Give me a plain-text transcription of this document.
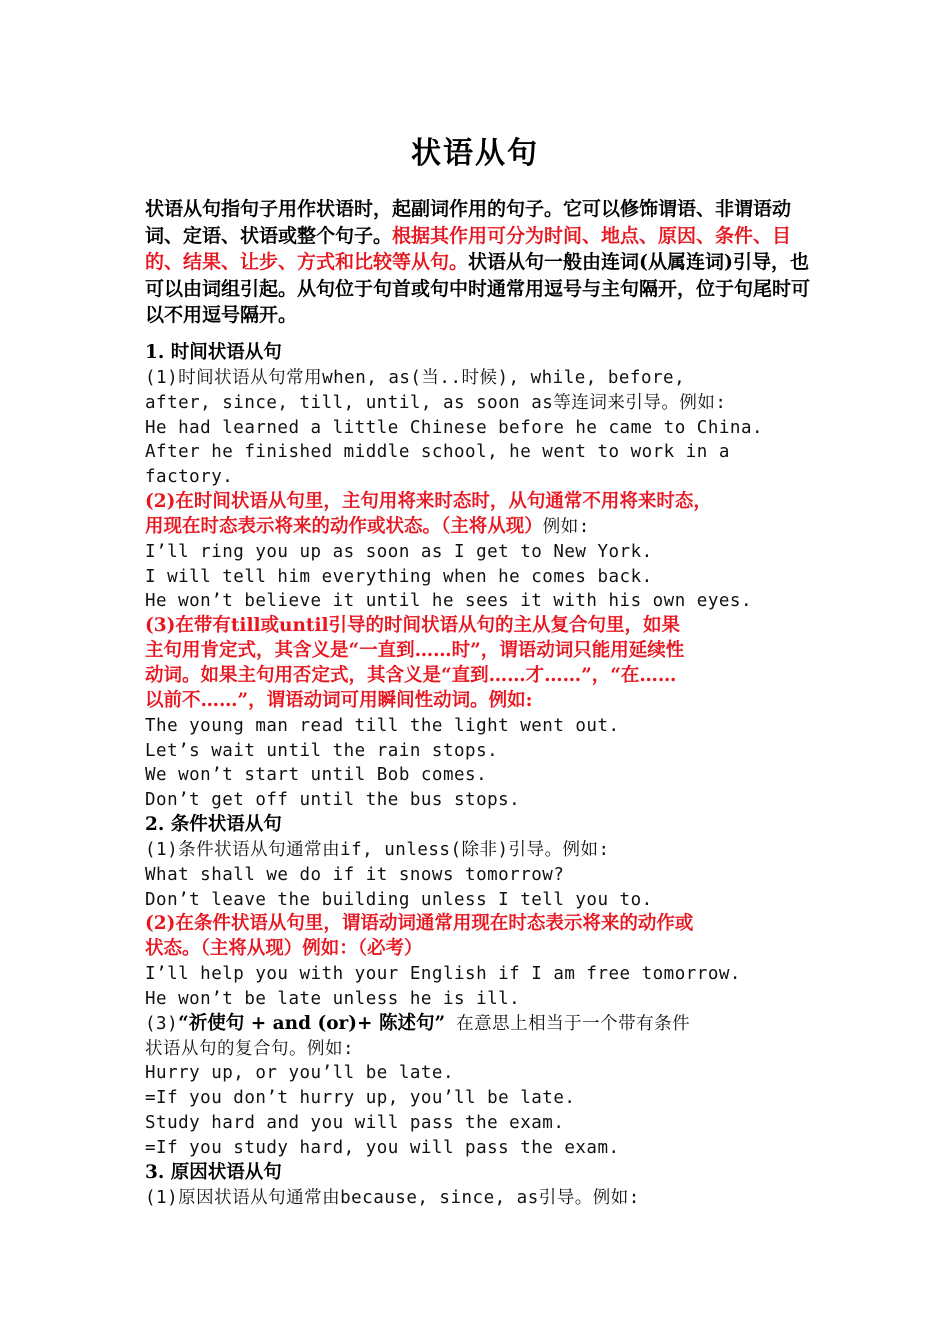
状语从句
状语从句指句子用作状语时，起副词作用的句子。它可以修饰谓语、非谓语动词、定语、状语或整个句子。根据其作用可分为时间、地点、原因、条件、目的、结果、让步、方式和比较等从句。状语从句一般由连词(从属连词)引导，也可以由词组引起。从句位于句首或句中时通常用逗号与主句隔开，位于句尾时可以不用逗号隔开。
1. 时间状语从句
(1)时间状语从句常用when, as(当..时候), while, before,
after, since, till, until, as soon as等连词来引导。例如:
He had learned a little Chinese before he came to China.
After he finished middle school, he went to work in a
factory.
(2)在时间状语从句里，主句用将来时态时，从句通常不用将来时态，
用现在时态表示将来的动作或状态。（主将从现）例如:
I’ll ring you up as soon as I get to New York.
I will tell him everything when he comes back.
He won’t believe it until he sees it with his own eyes.
(3)在带有till或until引导的时间状语从句的主从复合句里，如果
主句用肯定式，其含义是“一直到……时”，谓语动词只能用延续性
动词。如果主句用否定式，其含义是“直到……才……”，“在……
以前不……”，谓语动词可用瞬间性动词。例如:
The young man read till the light went out.
Let’s wait until the rain stops.
We won’t start until Bob comes.
Don’t get off until the bus stops.
2. 条件状语从句
(1)条件状语从句通常由if, unless(除非)引导。例如:
What shall we do if it snows tomorrow?
Don’t leave the building unless I tell you to.
(2)在条件状语从句里，谓语动词通常用现在时态表示将来的动作或
状态。（主将从现）例如：（必考）
I’ll help you with your English if I am free tomorrow.
He won’t be late unless he is ill.
(3)“祈使句 + and (or)+ 陈述句” 在意思上相当于一个带有条件
状语从句的复合句。例如:
Hurry up, or you’ll be late.
=If you don’t hurry up, you’ll be late.
Study hard and you will pass the exam.
=If you study hard, you will pass the exam.
3. 原因状语从句
(1)原因状语从句通常由because, since, as引导。例如:
